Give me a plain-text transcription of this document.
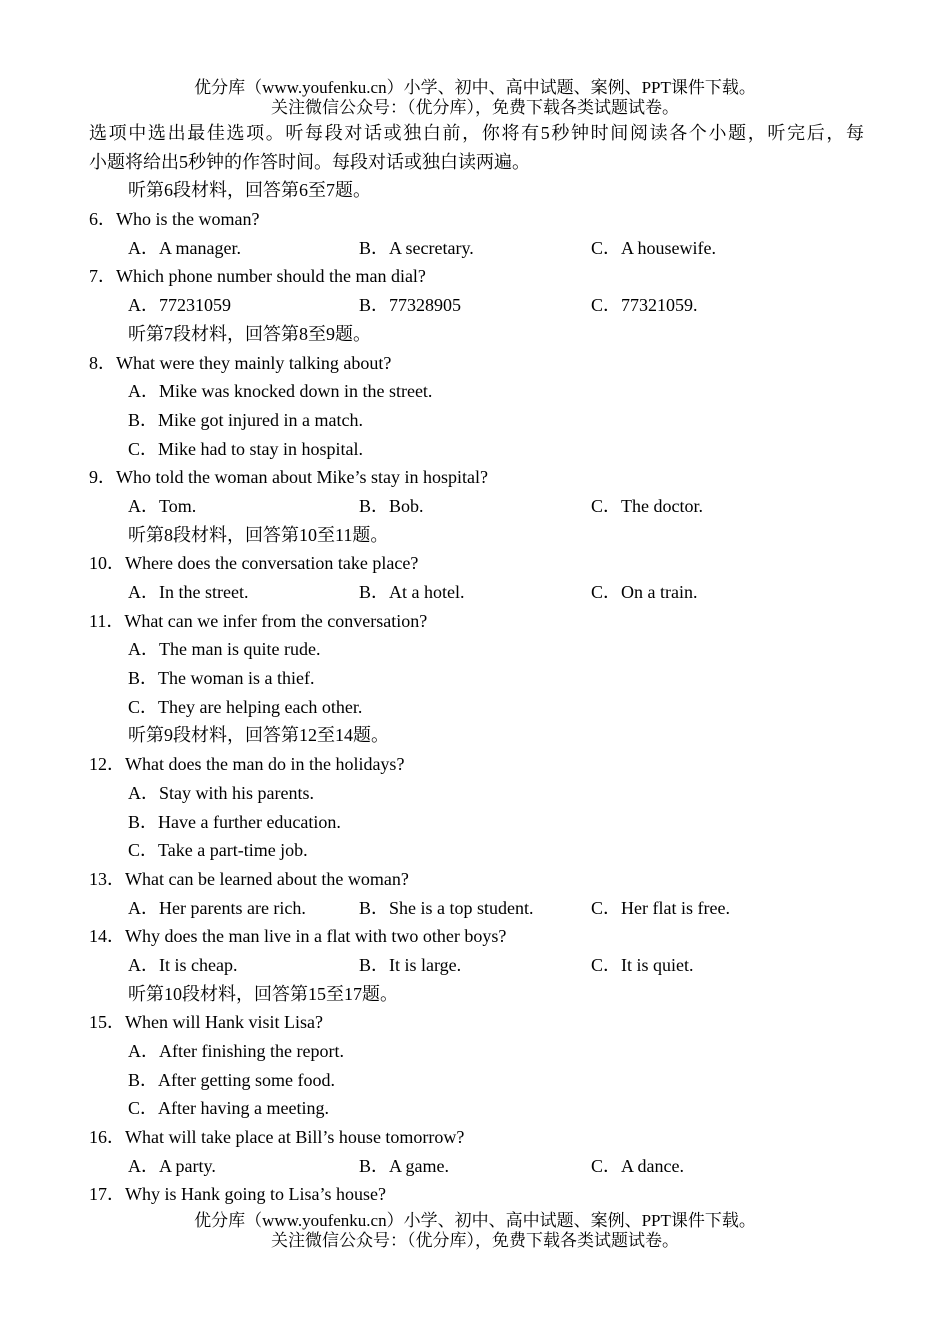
优分库（www.youfenku.cn）小学、初中、高中试题、案例、PPT课件下载。
关注微信公众号：（优分库），免费下载各类试题试卷。
选项中选出最佳选项。听每段对话或独白前，你将有5秒钟时间阅读各个小题，听完后，每
小题将给出5秒钟的作答时间。每段对话或独白读两遍。
听第6段材料，回答第6至7题。
6．Who is the woman?
A．A manager.	B．A secretary.	C．A housewife.
7．Which phone number should the man dial?
A．77231059	B．77328905	C．77321059.
听第7段材料，回答第8至9题。
8．What were they mainly talking about?
A．Mike was knocked down in the street.
B．Mike got injured in a match.
C．Mike had to stay in hospital.
9．Who told the woman about Mike’s stay in hospital?
A．Tom.	B．Bob.	C．The doctor.
听第8段材料，回答第10至11题。
10．Where does the conversation take place?
A．In the street.	B．At a hotel.	C．On a train.
11．What can we infer from the conversation?
A．The man is quite rude.
B．The woman is a thief.
C．They are helping each other.
听第9段材料，回答第12至14题。
12．What does the man do in the holidays?
A．Stay with his parents.
B．Have a further education.
C．Take a part-time job.
13．What can be learned about the woman?
A．Her parents are rich.	B．She is a top student.	C．Her flat is free.
14．Why does the man live in a flat with two other boys?
A．It is cheap.	B．It is large.	C．It is quiet.
听第10段材料，回答第15至17题。
15．When will Hank visit Lisa?
A．After finishing the report.
B．After getting some food.
C．After having a meeting.
16．What will take place at Bill’s house tomorrow?
A．A party.	B．A game.	C．A dance.
17．Why is Hank going to Lisa’s house?
优分库（www.youfenku.cn）小学、初中、高中试题、案例、PPT课件下载。
关注微信公众号：（优分库），免费下载各类试题试卷。
